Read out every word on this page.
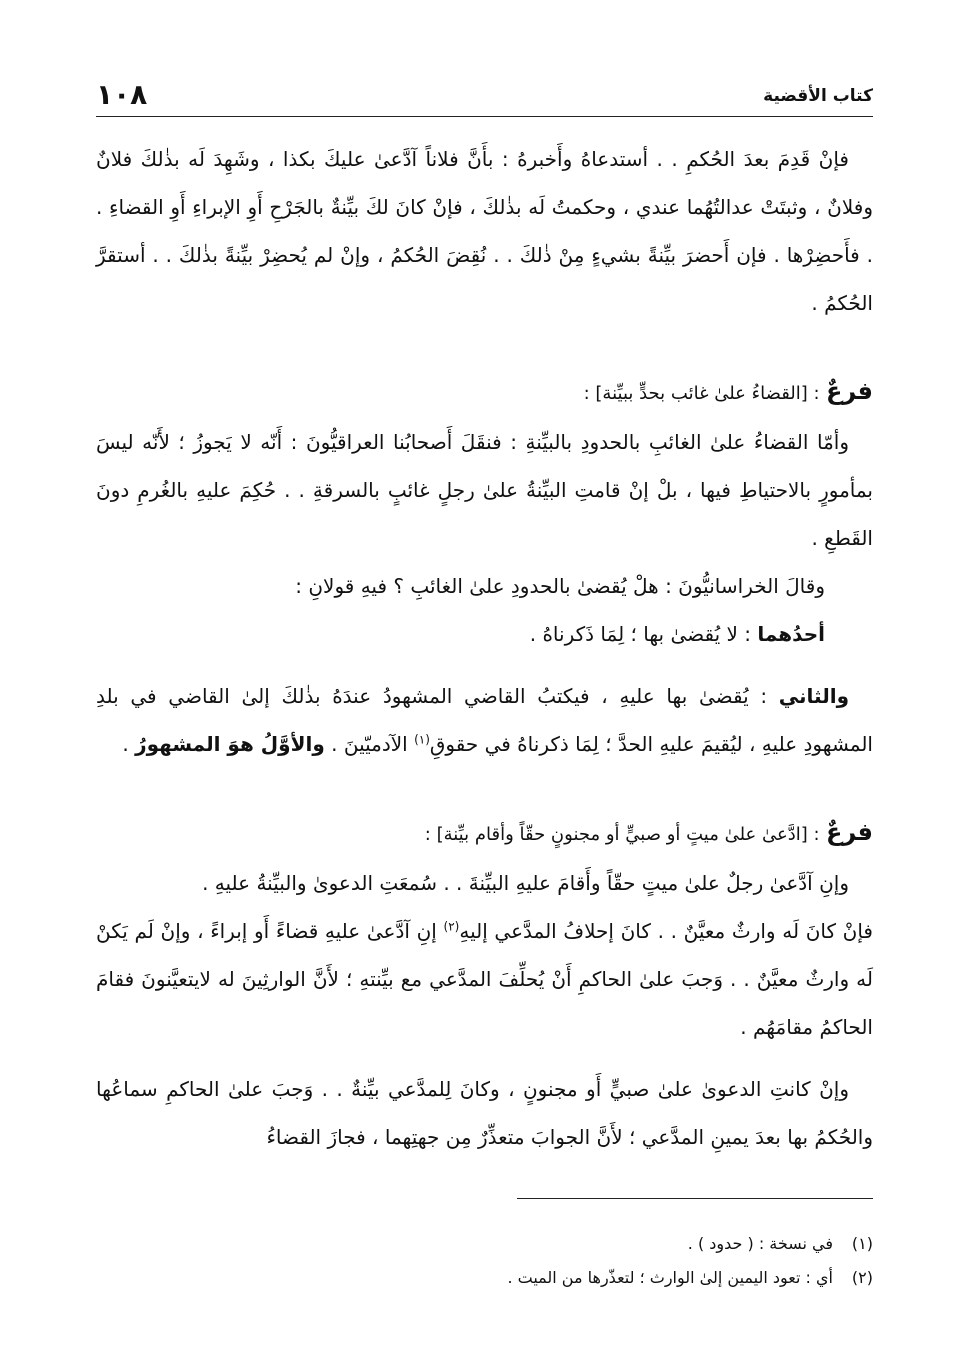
كتاب الأقضية
١٠٨

فإنْ قَدِمَ بعدَ الحُكمِ . . أستدعاهُ وأَخبرهُ : بأَنَّ فلاناً آدَّعىٰ عليكَ بكذا ، وشَهِدَ لَه بذٰلكَ فلانٌ وفلانٌ ، وثبتَتْ عدالتُهُما عندي ، وحكمتُ لَه بذٰلكَ ، فإنْ كانَ لكَ بيِّنةٌ بالجَرْحِ أَوِ الإبراءِ أَوِ القضاءِ . . فأَحضِرْها . فإن أَحضرَ بيِّنةً بشيءٍ مِنْ ذٰلكَ . . نُقِضَ الحُكمُ ، وإنْ لم يُحضِرْ بيِّنةً بذٰلكَ . . أستقرَّ الحُكمُ .

فرعٌ : [القضاءُ علىٰ غائب بحدٍّ ببيِّنة] :

وأمّا القضاءُ علىٰ الغائبِ بالحدودِ بالبيِّنةِ : فنقَلَ أَصحابُنا العراقيُّونَ : أَنّه لا يَجوزُ ؛ لأَنّه ليسَ بمأمورٍ بالاحتياطِ فيها ، بلْ إنْ قامتِ البيِّنةُ علىٰ رجلٍ غائبٍ بالسرقةِ . . حُكِمَ عليهِ بالغُرمِ دونَ القَطعِ .

وقالَ الخراسانيُّونَ : هلْ يُقضىٰ بالحدودِ علىٰ الغائبِ ؟ فيهِ قولانِ :

أحدُهما : لا يُقضىٰ بها ؛ لِمَا ذَكرناهُ .

والثاني : يُقضىٰ بها عليهِ ، فيكتبُ القاضي المشهودُ عندَهُ بذٰلكَ إلىٰ القاضي في بلدِ المشهودِ عليهِ ، ليُقيمَ عليهِ الحدَّ ؛ لِمَا ذكرناهُ في حقوقِ$^{(١)}$ الآدميّينَ . والأوَّلُ هوَ المشهورُ .

فرعٌ : [ادَّعىٰ علىٰ ميتٍ أو صبيٍّ أو مجنونٍ حقّاً وأقام بيِّنة] :

وإنِ آدَّعىٰ رجلٌ علىٰ ميتٍ حقّاً وأَقامَ عليهِ البيِّنةَ . . سُمعَتِ الدعوىٰ والبيِّنةُ عليهِ .

فإنْ كانَ لَه وارثٌ معيَّنٌ . . كانَ إحلافُ المدَّعي إليهِ$^{(٢)}$ إنِ آدَّعىٰ عليهِ قضاءً أَو إبراءً ، وإنْ لَم يَكنْ لَه وارثٌ معيَّنٌ . . وَجبَ علىٰ الحاكمِ أَنْ يُحلِّفَ المدَّعي مع بيِّنتهِ ؛ لأَنَّ الوارثِينَ له لايتعيَّنونَ فقامَ الحاكمُ مقامَهُم .

وإنْ كانتِ الدعوىٰ علىٰ صبيٍّ أَو مجنونٍ ، وكانَ لِلمدَّعي بيِّنةٌ . . وَجبَ علىٰ الحاكمِ سماعُها والحُكمُ بها بعدَ يمينِ المدَّعي ؛ لأَنَّ الجوابَ متعذِّرٌ مِن جهتِهما ، فجازَ القضاءُ

(١)في نسخة : ( حدود ) .

(٢)أي : تعود اليمين إلىٰ الوارث ؛ لتعذّرها من الميت .
